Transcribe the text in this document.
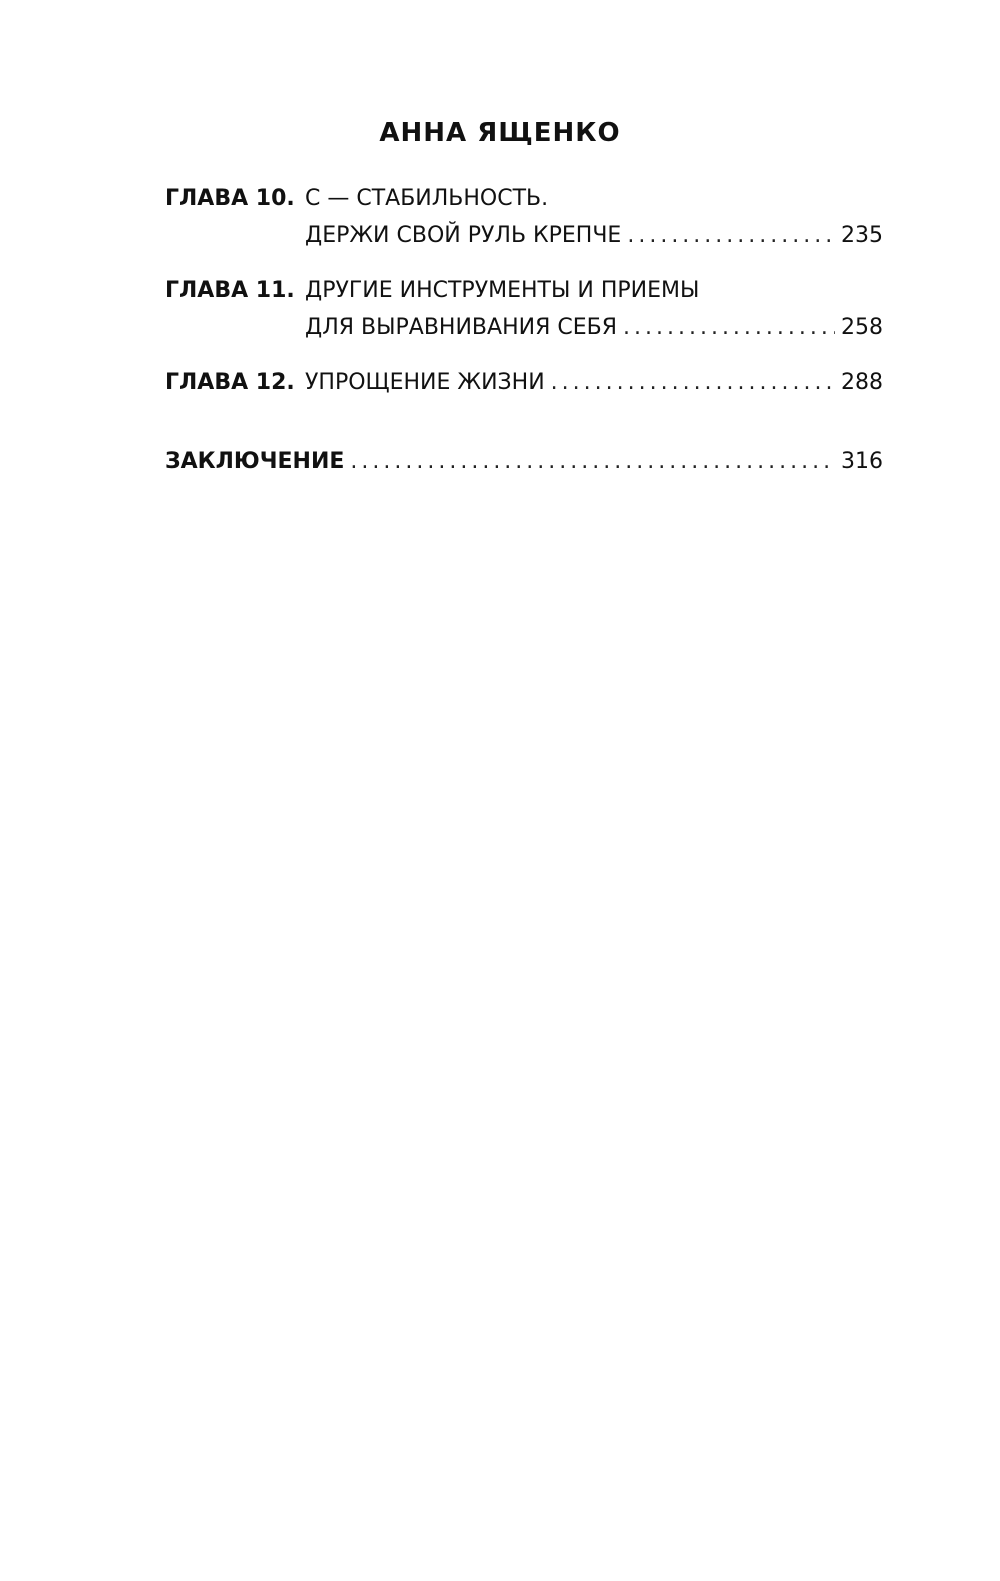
АННА ЯЩЕНКО
ГЛАВА 10. С — СТАБИЛЬНОСТЬ.
ДЕРЖИ СВОЙ РУЛЬ КРЕПЧЕ .....	235
ГЛАВА 11. ДРУГИЕ ИНСТРУМЕНТЫ И ПРИЕМЫ
ДЛЯ ВЫРАВНИВАНИЯ СЕБЯ .....	258
ГЛАВА 12. УПРОЩЕНИЕ ЖИЗНИ .....	288
ЗАКЛЮЧЕНИЕ .....	316
